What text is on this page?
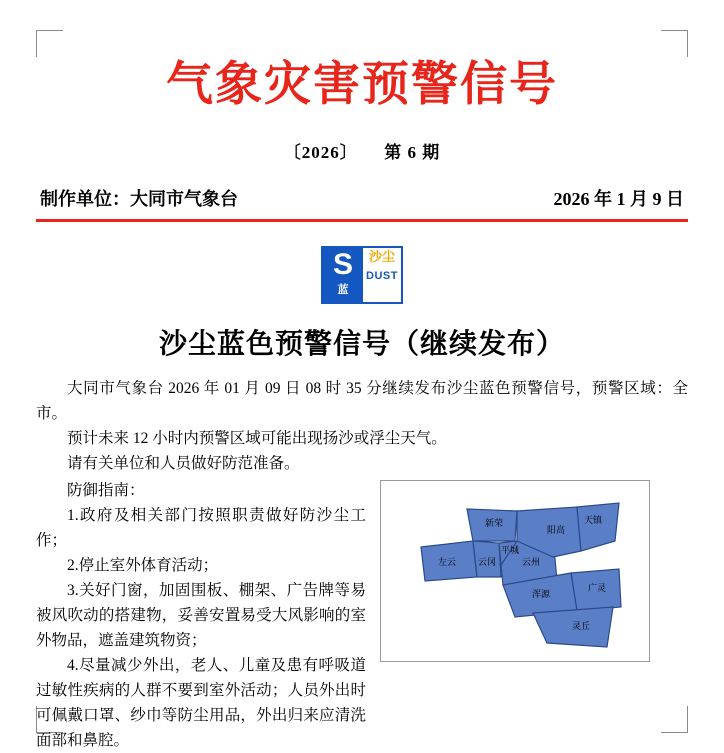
气象灾害预警信号
〔2026〕 第 6 期
制作单位：大同市气象台	2026 年 1 月 9 日
S
蓝
沙尘
DUST
沙尘蓝色预警信号（继续发布）

大同市气象台 2026 年 01 月 09 日 08 时 35 分继续发布沙尘蓝色预警信号，预警区域：全市。

预计未来 12 小时内预警区域可能出现扬沙或浮尘天气。

请有关单位和人员做好防范准备。

防御指南：

1.政府及相关部门按照职责做好防沙尘工作；

2.停止室外体育活动；

3.关好门窗，加固围板、棚架、广告牌等易被风吹动的搭建物，妥善安置易受大风影响的室外物品，遮盖建筑物资；

4.尽量减少外出，老人、儿童及患有呼吸道过敏性疾病的人群不要到室外活动；人员外出时可佩戴口罩、纱巾等防尘用品，外出归来应清洗面部和鼻腔。

天镇
阳高
新荣
平城
云冈	云州
左云
广灵
浑源
灵丘
